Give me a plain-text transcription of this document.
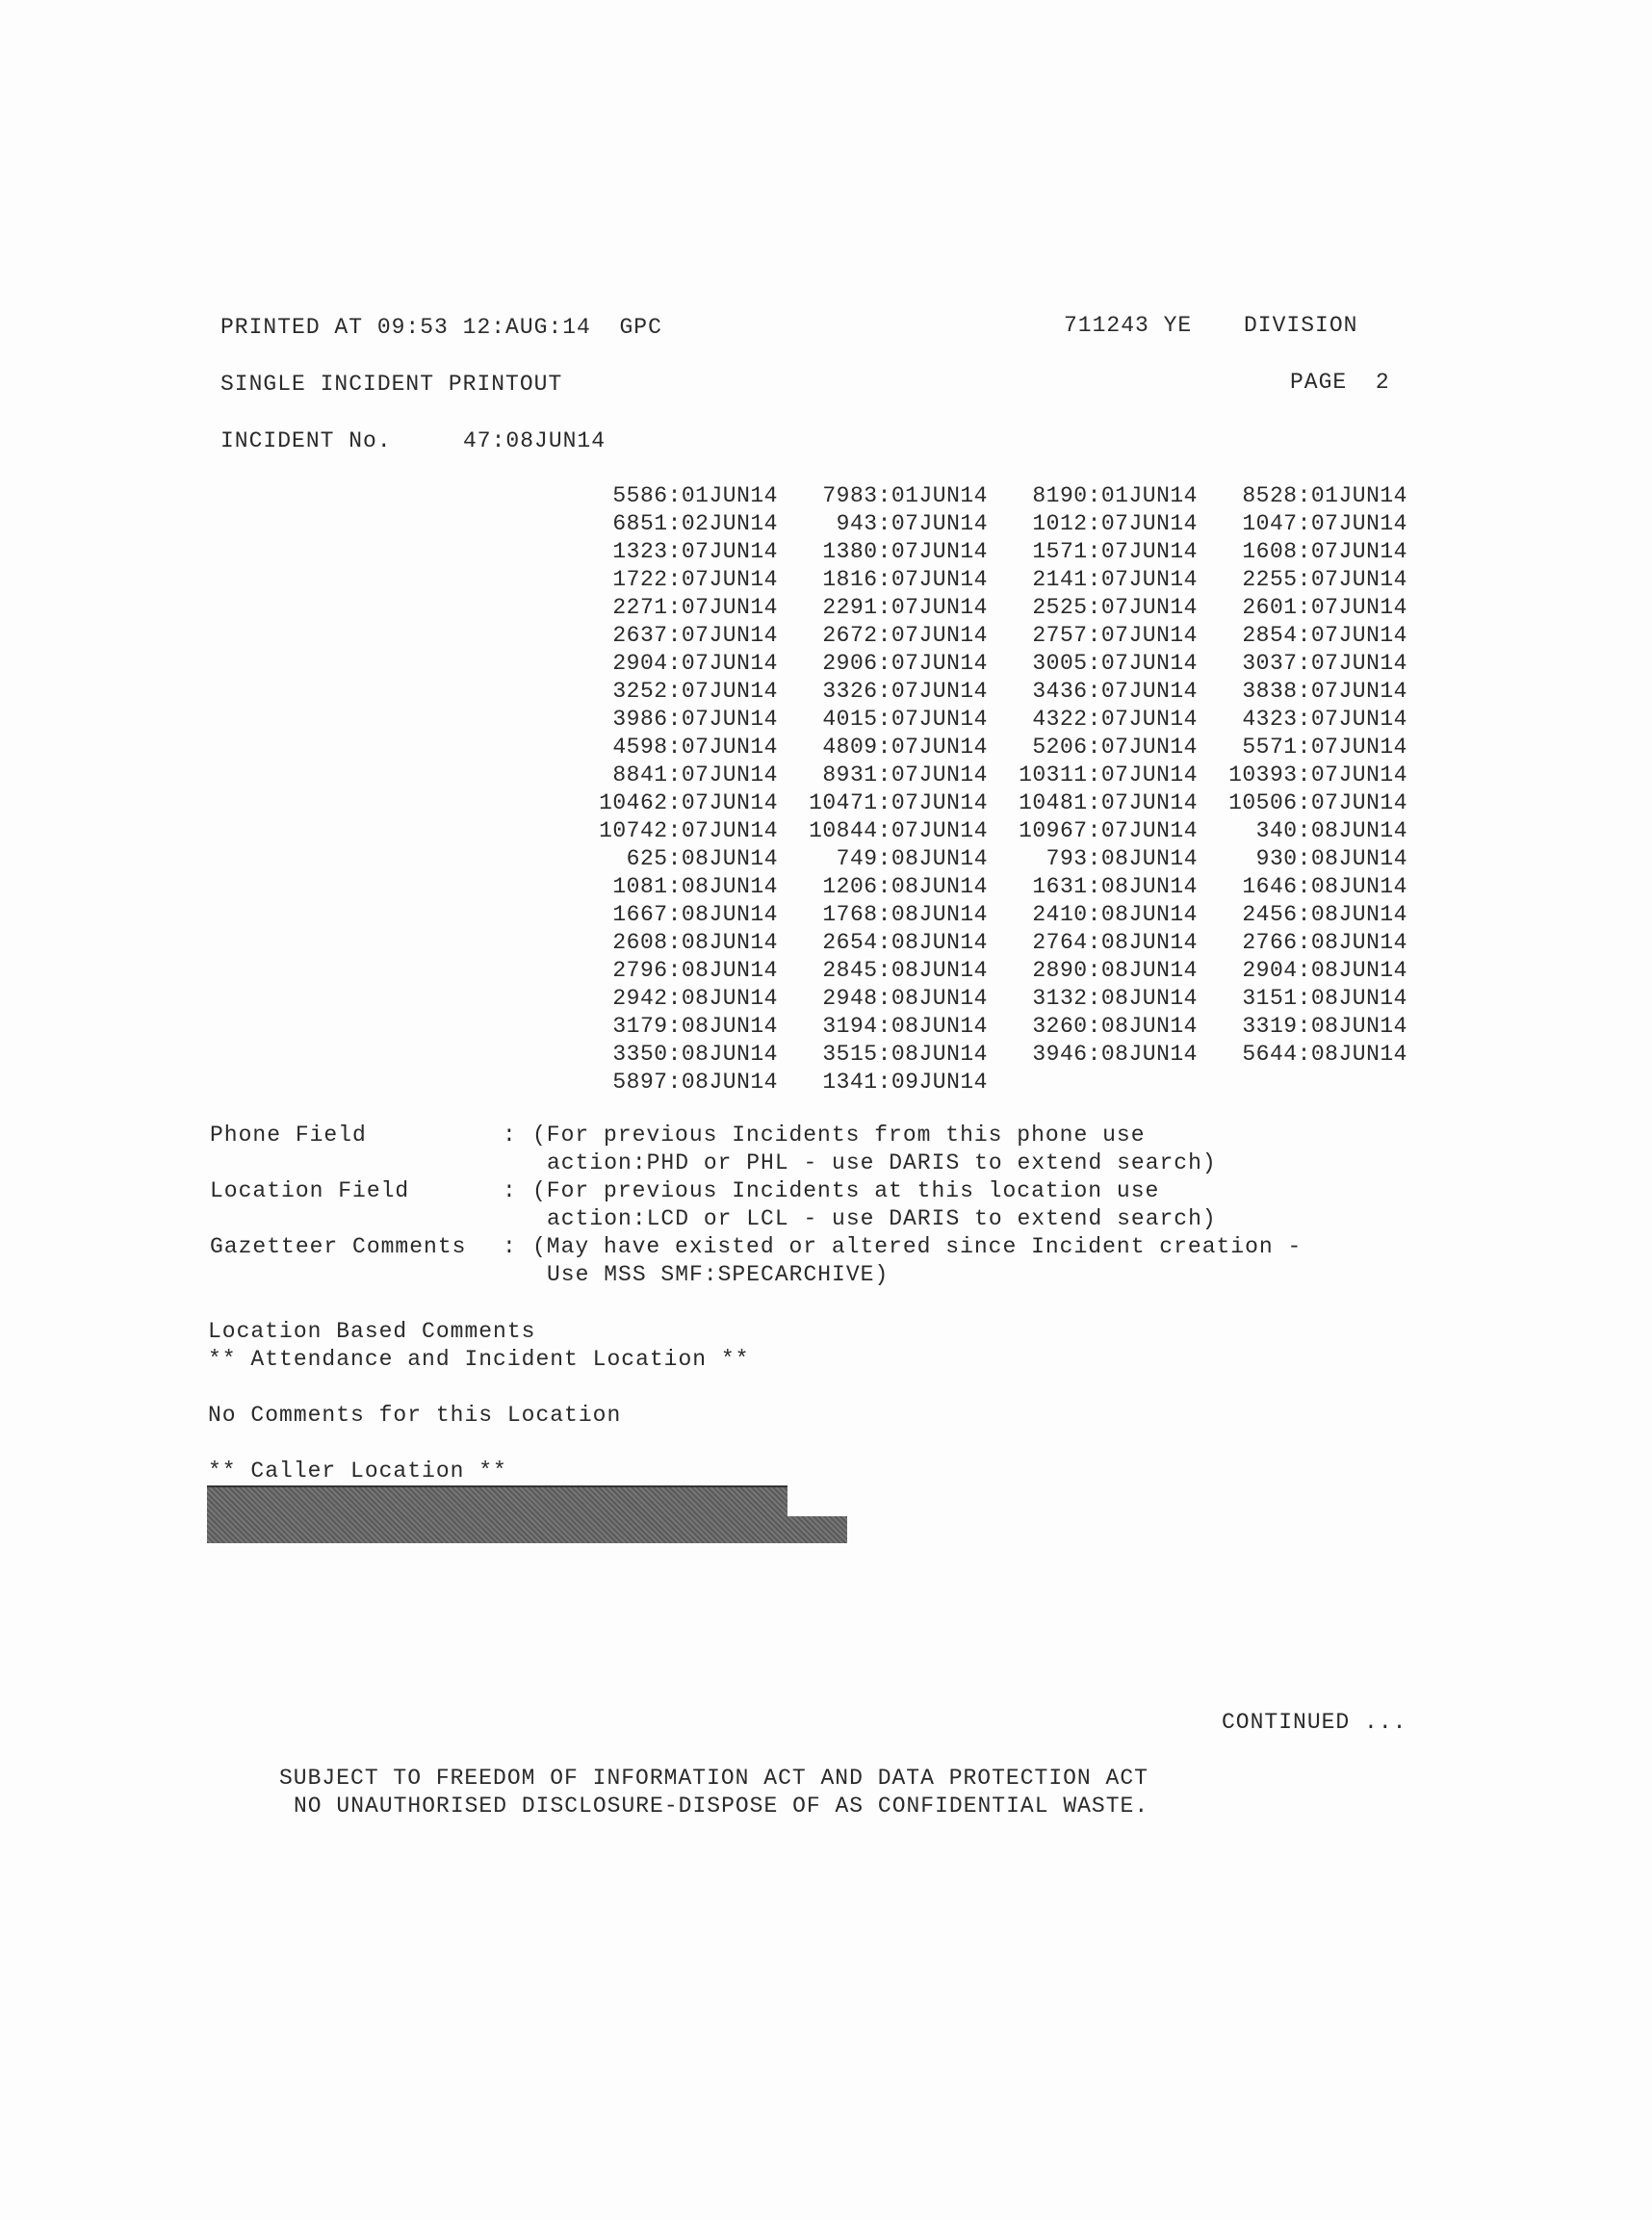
PRINTED AT 09:53 12:AUG:14  GPC	711243 YE DIVISION
SINGLE INCIDENT PRINTOUT	PAGE  2
INCIDENT No.	47:08JUN14
5586:01JUN14	7983:01JUN14	8190:01JUN14	8528:01JUN14
6851:02JUN14	943:07JUN14	1012:07JUN14	1047:07JUN14
1323:07JUN14	1380:07JUN14	1571:07JUN14	1608:07JUN14
1722:07JUN14	1816:07JUN14	2141:07JUN14	2255:07JUN14
2271:07JUN14	2291:07JUN14	2525:07JUN14	2601:07JUN14
2637:07JUN14	2672:07JUN14	2757:07JUN14	2854:07JUN14
2904:07JUN14	2906:07JUN14	3005:07JUN14	3037:07JUN14
3252:07JUN14	3326:07JUN14	3436:07JUN14	3838:07JUN14
3986:07JUN14	4015:07JUN14	4322:07JUN14	4323:07JUN14
4598:07JUN14	4809:07JUN14	5206:07JUN14	5571:07JUN14
8841:07JUN14	8931:07JUN14	10311:07JUN14	10393:07JUN14
10462:07JUN14	10471:07JUN14	10481:07JUN14	10506:07JUN14
10742:07JUN14	10844:07JUN14	10967:07JUN14	340:08JUN14
625:08JUN14	749:08JUN14	793:08JUN14	930:08JUN14
1081:08JUN14	1206:08JUN14	1631:08JUN14	1646:08JUN14
1667:08JUN14	1768:08JUN14	2410:08JUN14	2456:08JUN14
2608:08JUN14	2654:08JUN14	2764:08JUN14	2766:08JUN14
2796:08JUN14	2845:08JUN14	2890:08JUN14	2904:08JUN14
2942:08JUN14	2948:08JUN14	3132:08JUN14	3151:08JUN14
3179:08JUN14	3194:08JUN14	3260:08JUN14	3319:08JUN14
3350:08JUN14	3515:08JUN14	3946:08JUN14	5644:08JUN14
5897:08JUN14	1341:09JUN14		
Phone Field	: (For previous Incidents from this phone use
action:PHD or PHL - use DARIS to extend search)
Location Field	: (For previous Incidents at this location use
action:LCD or LCL - use DARIS to extend search)
Gazetteer Comments : (May have existed or altered since Incident creation -
Use MSS SMF:SPECARCHIVE)
Location Based Comments
** Attendance and Incident Location **
No Comments for this Location
** Caller Location **
CONTINUED ...
SUBJECT TO FREEDOM OF INFORMATION ACT AND DATA PROTECTION ACT
NO UNAUTHORISED DISCLOSURE-DISPOSE OF AS CONFIDENTIAL WASTE.
